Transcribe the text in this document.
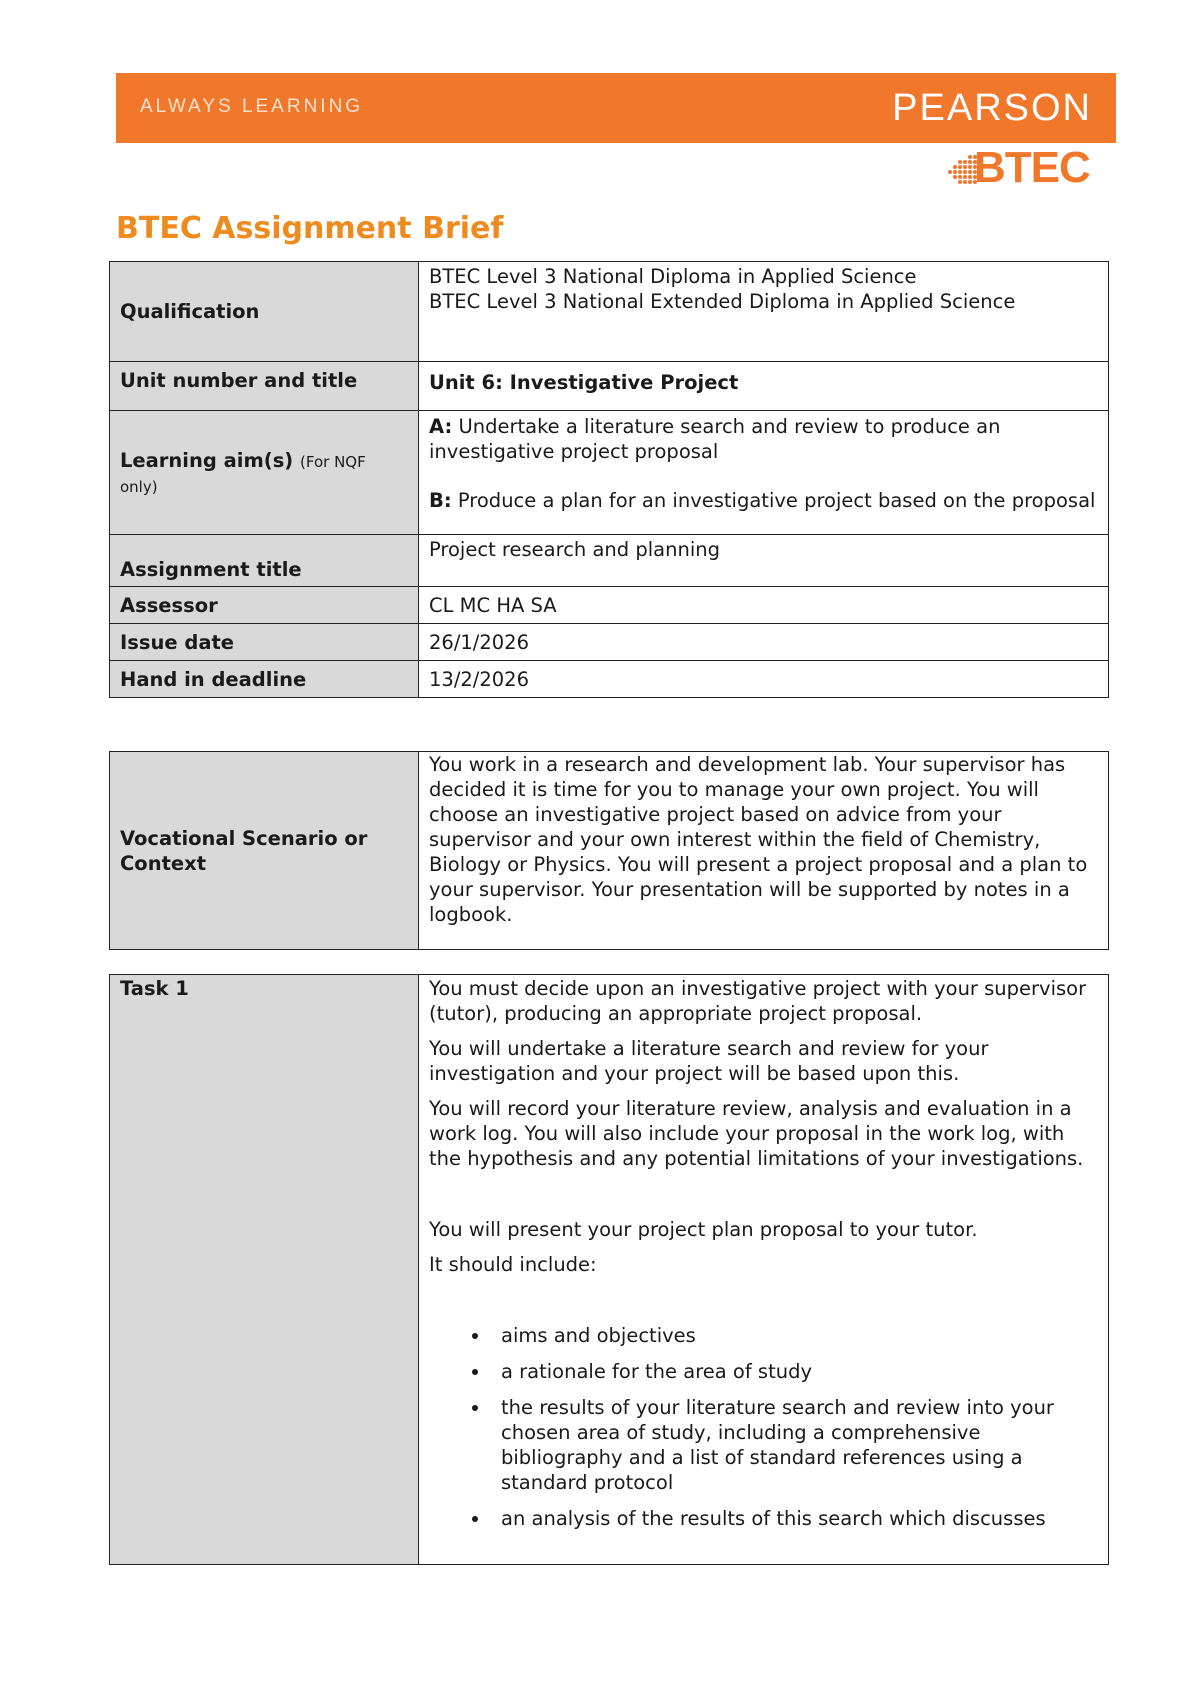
ALWAYS LEARNING	PEARSON
BTEC
BTEC Assignment Brief
Qualification	BTEC Level 3 National Diploma in Applied Science
BTEC Level 3 National Extended Diploma in Applied Science

Unit number and title	Unit 6: Investigative Project
Learning aim(s) (For NQF only)	A: Undertake a literature search and review to produce an investigative project proposal

B: Produce a plan for an investigative project based on the proposal

Assignment title	Project research and planning
Assessor	CL MC HA SA
Issue date	26/1/2026
Hand in deadline	13/2/2026
Vocational Scenario or Context	You work in a research and development lab. Your supervisor has decided it is time for you to manage your own project. You will choose an investigative project based on advice from your supervisor and your own interest within the field of Chemistry, Biology or Physics. You will present a project proposal and a plan to your supervisor. Your presentation will be supported by notes in a logbook.
Task 1	You must decide upon an investigative project with your supervisor (tutor), producing an appropriate project proposal.

You will undertake a literature search and review for your investigation and your project will be based upon this.

You will record your literature review, analysis and evaluation in a work log. You will also include your proposal in the work log, with the hypothesis and any potential limitations of your investigations.

You will present your project plan proposal to your tutor.

It should include:

• aims and objectives
• a rationale for the area of study
• the results of your literature search and review into your chosen area of study, including a comprehensive bibliography and a list of standard references using a standard protocol
• an analysis of the results of this search which discusses
